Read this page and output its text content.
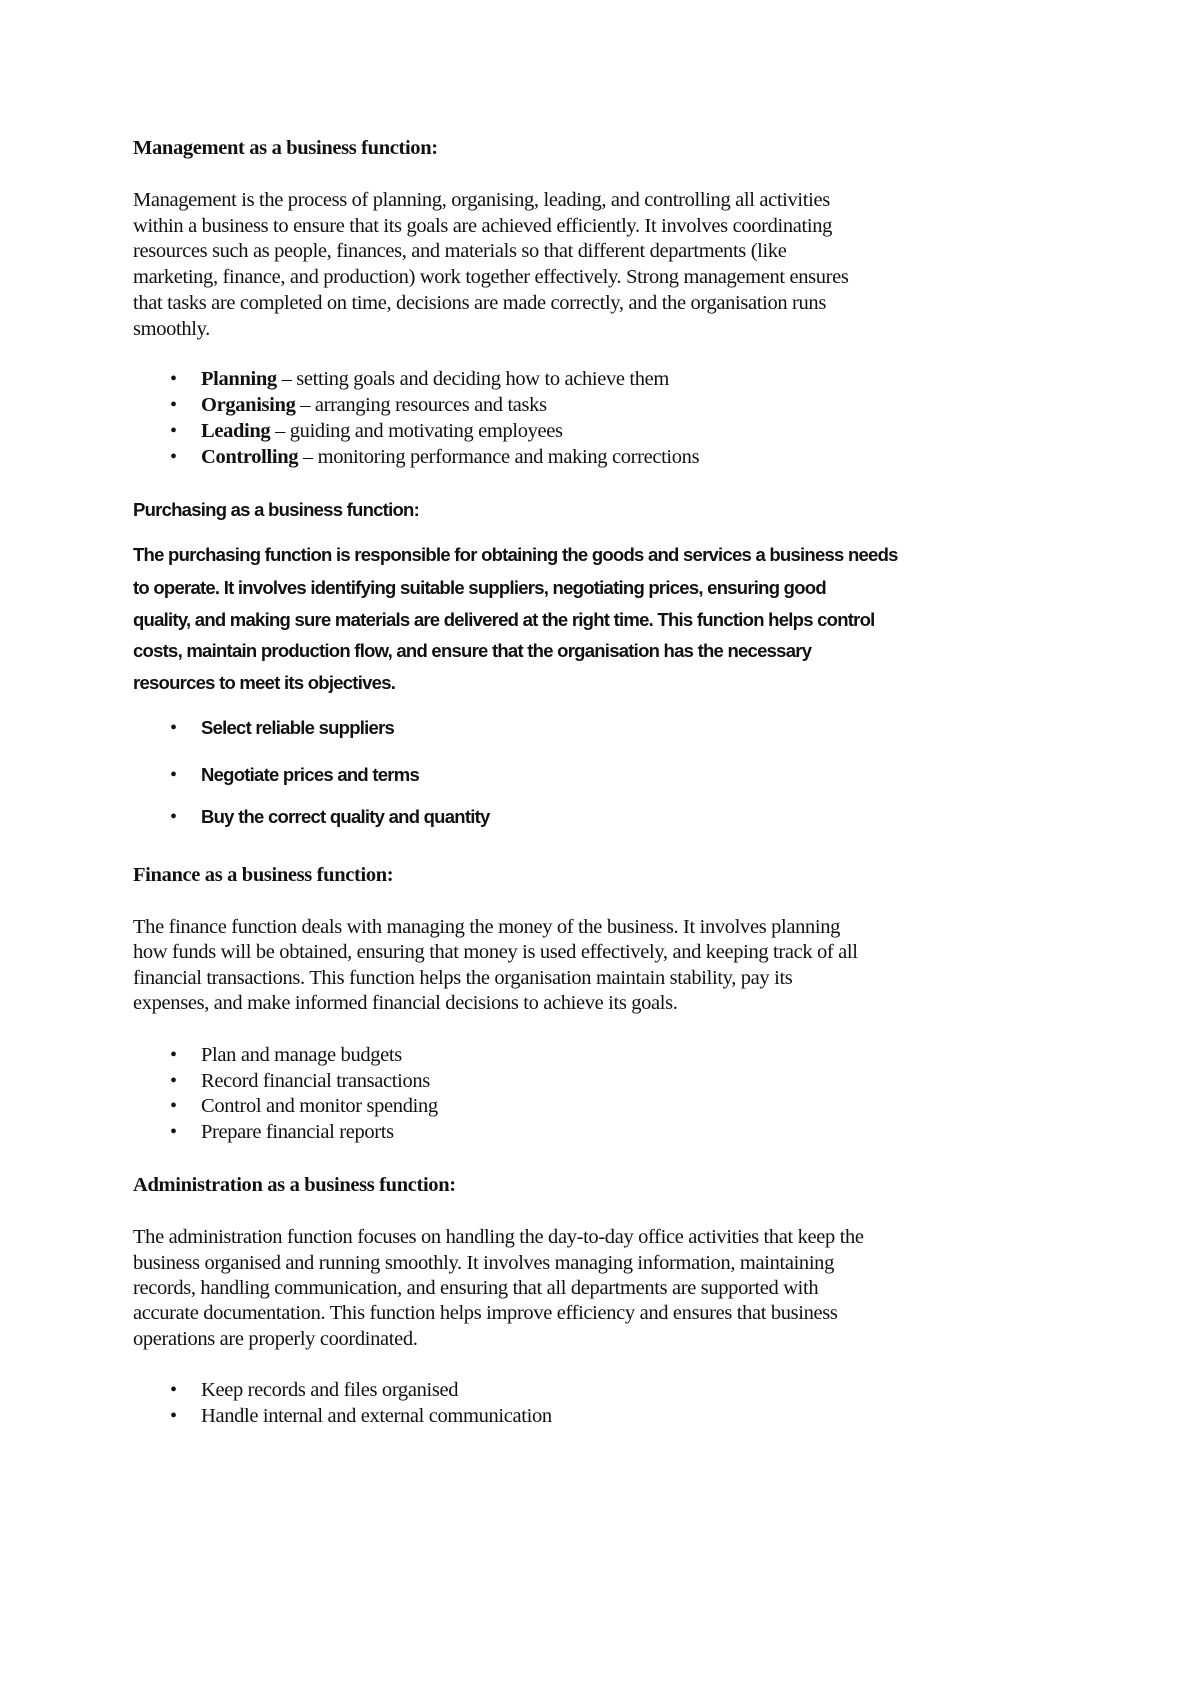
Management as a business function:
Management is the process of planning, organising, leading, and controlling all activities
within a business to ensure that its goals are achieved efficiently. It involves coordinating
resources such as people, finances, and materials so that different departments (like
marketing, finance, and production) work together effectively. Strong management ensures
that tasks are completed on time, decisions are made correctly, and the organisation runs
smoothly.
• Planning – setting goals and deciding how to achieve them
• Organising – arranging resources and tasks
• Leading – guiding and motivating employees
• Controlling – monitoring performance and making corrections
Purchasing as a business function:
The purchasing function is responsible for obtaining the goods and services a business needs
to operate. It involves identifying suitable suppliers, negotiating prices, ensuring good
quality, and making sure materials are delivered at the right time. This function helps control
costs, maintain production flow, and ensure that the organisation has the necessary
resources to meet its objectives.
• Select reliable suppliers
• Negotiate prices and terms
• Buy the correct quality and quantity
Finance as a business function:
The finance function deals with managing the money of the business. It involves planning
how funds will be obtained, ensuring that money is used effectively, and keeping track of all
financial transactions. This function helps the organisation maintain stability, pay its
expenses, and make informed financial decisions to achieve its goals.
• Plan and manage budgets
• Record financial transactions
• Control and monitor spending
• Prepare financial reports
Administration as a business function:
The administration function focuses on handling the day-to-day office activities that keep the
business organised and running smoothly. It involves managing information, maintaining
records, handling communication, and ensuring that all departments are supported with
accurate documentation. This function helps improve efficiency and ensures that business
operations are properly coordinated.
• Keep records and files organised
• Handle internal and external communication
